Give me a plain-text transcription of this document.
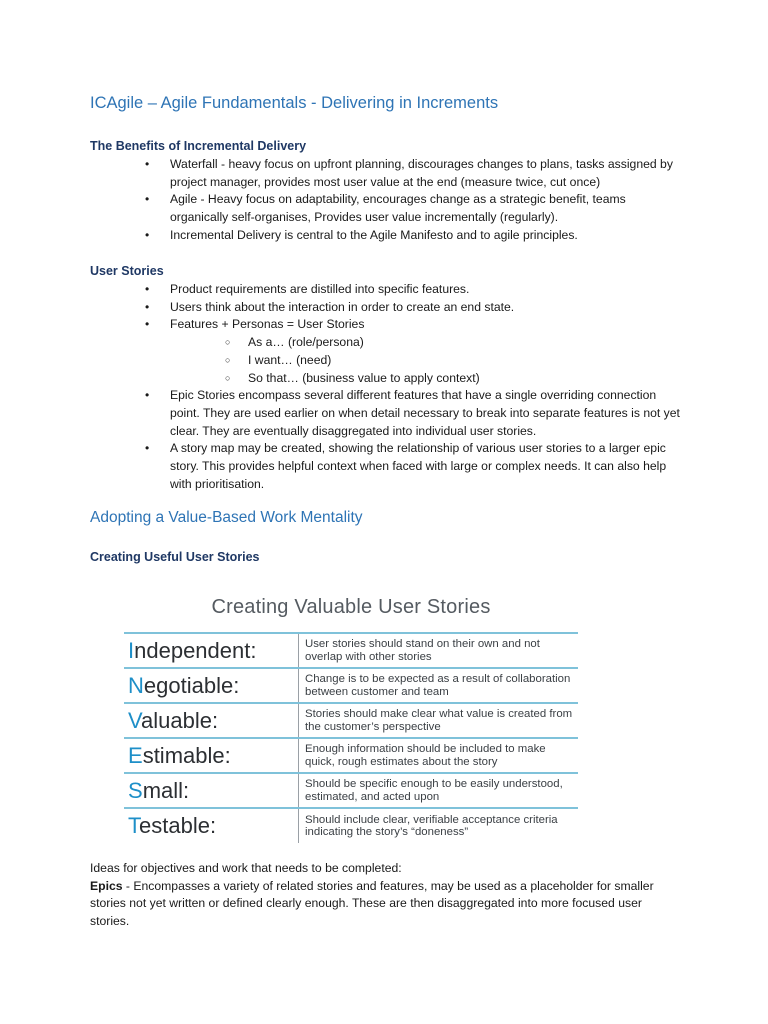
ICAgile – Agile Fundamentals - Delivering in Increments
The Benefits of Incremental Delivery
• Waterfall - heavy focus on upfront planning, discourages changes to plans, tasks assigned by project manager, provides most user value at the end (measure twice, cut once)
• Agile - Heavy focus on adaptability, encourages change as a strategic benefit, teams organically self-organises, Provides user value incrementally (regularly).
• Incremental Delivery is central to the Agile Manifesto and to agile principles.
User Stories
• Product requirements are distilled into specific features.
• Users think about the interaction in order to create an end state.
• Features + Personas = User Stories
○ As a… (role/persona)
○ I want… (need)
○ So that… (business value to apply context)
• Epic Stories encompass several different features that have a single overriding connection point. They are used earlier on when detail necessary to break into separate features is not yet clear. They are eventually disaggregated into individual user stories.
• A story map may be created, showing the relationship of various user stories to a larger epic story. This provides helpful context when faced with large or complex needs. It can also help with prioritisation.
Adopting a Value-Based Work Mentality
Creating Useful User Stories
Creating Valuable User Stories
Independent:	User stories should stand on their own and not overlap with other stories
Negotiable:	Change is to be expected as a result of collaboration between customer and team
Valuable:	Stories should make clear what value is created from the customer’s perspective
Estimable:	Enough information should be included to make quick, rough estimates about the story
Small:	Should be specific enough to be easily understood, estimated, and acted upon
Testable:	Should include clear, verifiable acceptance criteria indicating the story’s “doneness”
Ideas for objectives and work that needs to be completed:
Epics - Encompasses a variety of related stories and features, may be used as a placeholder for smaller stories not yet written or defined clearly enough. These are then disaggregated into more focused user stories.
